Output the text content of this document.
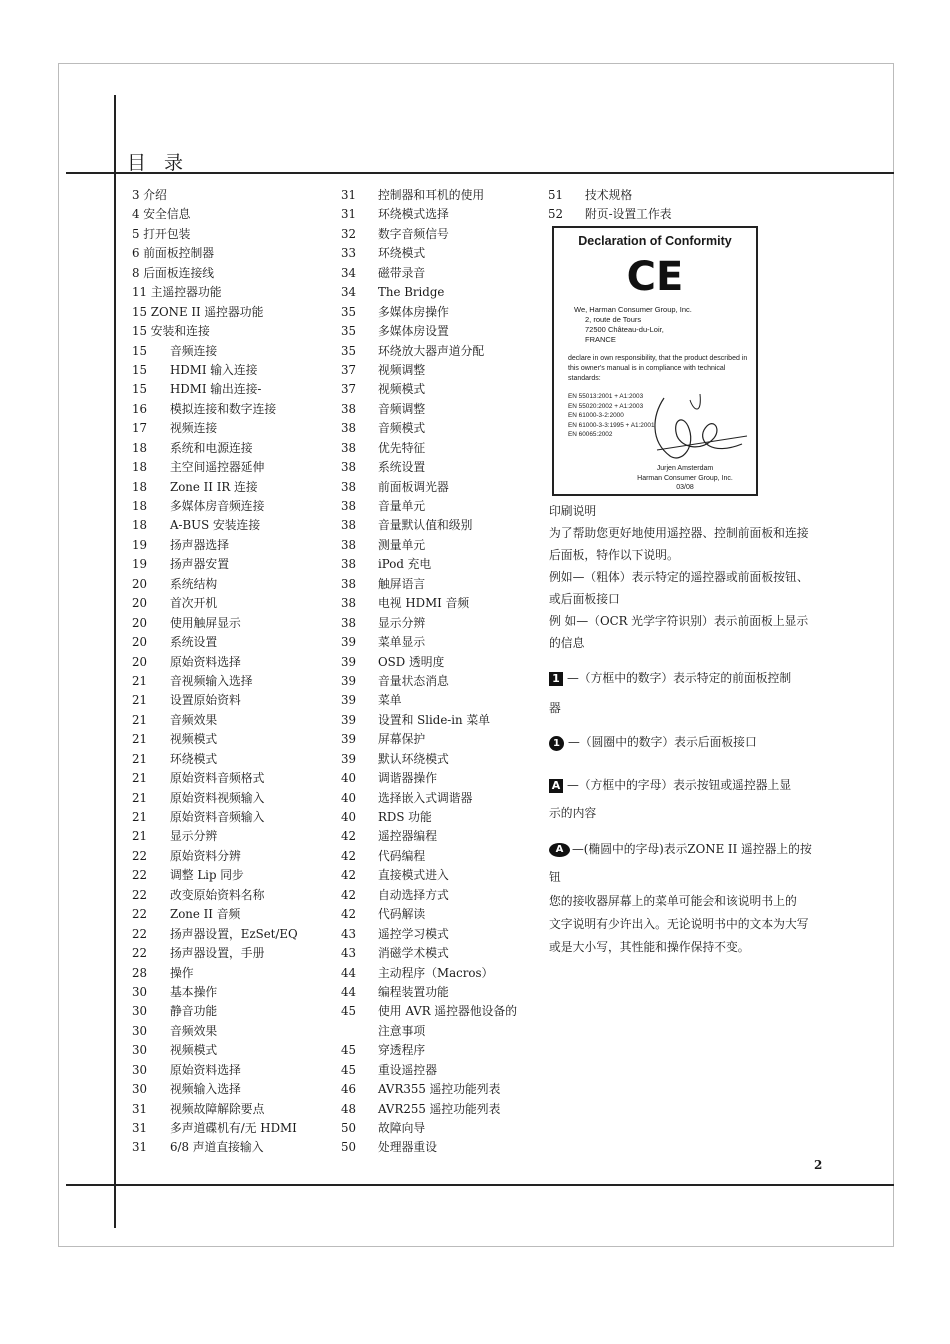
目 录
3 介绍
4 安全信息
5 打开包装
6 前面板控制器
8 后面板连接线
11 主遥控器功能
15 ZONE II 遥控器功能
15 安装和连接
15 音频连接
15 HDMI 输入连接
15 HDMI 输出连接-
16 模拟连接和数字连接
17 视频连接
18 系统和电源连接
18 主空间遥控器延伸
18 Zone II IR 连接
18 多媒体房音频连接
18 A-BUS 安装连接
19 扬声器选择
19 扬声器安置
20 系统结构
20 首次开机
20 使用触屏显示
20 系统设置
20 原始资料选择
21 音视频输入选择
21 设置原始资料
21 音频效果
21 视频模式
21 环绕模式
21 原始资料音频格式
21 原始资料视频输入
21 原始资料音频输入
21 显示分辨
22 原始资料分辨
22 调整 Lip 同步
22 改变原始资料名称
22 Zone II 音频
22 扬声器设置，EzSet/EQ
22 扬声器设置，手册
28 操作
30 基本操作
30 静音功能
30 音频效果
30 视频模式
30 原始资料选择
30 视频输入选择
31 视频故障解除要点
31 多声道碟机有/无 HDMI
31 6/8 声道直接输入
31 控制器和耳机的使用
31 环绕模式选择
32 数字音频信号
33 环绕模式
34 磁带录音
34 The Bridge
35 多媒体房操作
35 多媒体房设置
35 环绕放大器声道分配
37 视频调整
37 视频模式
38 音频调整
38 音频模式
38 优先特征
38 系统设置
38 前面板调光器
38 音量单元
38 音量默认值和级别
38 测量单元
38 iPod 充电
38 触屏语言
38 电视 HDMI 音频
38 显示分辨
39 菜单显示
39 OSD 透明度
39 音量状态消息
39 菜单
39 设置和 Slide-in 菜单
39 屏幕保护
39 默认环绕模式
40 调谐器操作
40 选择嵌入式调谐器
40 RDS 功能
42 遥控器编程
42 代码编程
42 直接模式进入
42 自动选择方式
42 代码解读
43 遥控学习模式
43 消磁学术模式
44 主动程序（Macros）
44 编程装置功能
45 使用 AVR 遥控器他设备的
注意事项
45 穿透程序
45 重设遥控器
46 AVR355 遥控功能列表
48 AVR255 遥控功能列表
50 故障向导
50 处理器重设
51 技术规格
52 附页-设置工作表
Declaration of Conformity
CE
We, Harman Consumer Group, Inc.
2, route de Tours
72500 Château-du-Loir,
FRANCE
declare in own responsibility, that the product described in this owner's manual is in compliance with technical standards:
EN 55013:2001 + A1:2003
EN 55020:2002 + A1:2003
EN 61000-3-2:2000
EN 61000-3-3:1995 + A1:2001
EN 60065:2002
Jurjen Amsterdam
Harman Consumer Group, Inc.
03/08
印刷说明
为了帮助您更好地使用遥控器、控制前面板和连接
后面板，特作以下说明。
例如—（粗体）表示特定的遥控器或前面板按钮、
或后面板接口
例 如—（OCR 光学字符识别）表示前面板上显示
的信息
1 —（方框中的数字）表示特定的前面板控制
器
1 —（圆圈中的数字）表示后面板接口
A —（方框中的字母）表示按钮或遥控器上显
示的内容
A —(椭圆中的字母)表示ZONE II 遥控器上的按
钮
您的接收器屏幕上的菜单可能会和该说明书上的
文字说明有少许出入。无论说明书中的文本为大写
或是大小写，其性能和操作保持不变。
2
